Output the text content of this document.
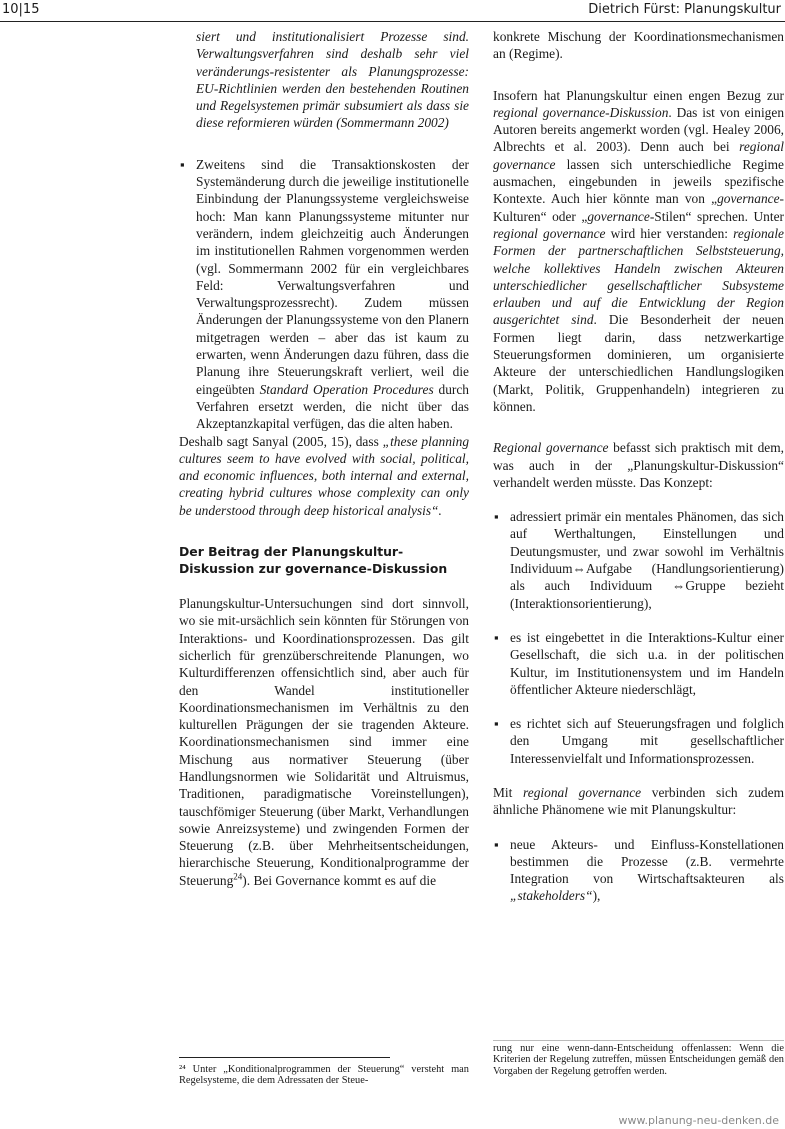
10|15	Dietrich Fürst: Planungskultur

siert und institutionalisiert Prozesse sind. Verwaltungsverfahren sind deshalb sehr viel veränderungs-resistenter als Planungsprozesse: EU-Richtlinien werden den bestehenden Routinen und Regelsystemen primär subsumiert als dass sie diese reformieren würden (Sommermann 2002)

▪ Zweitens sind die Transaktionskosten der Systemänderung durch die jeweilige institutionelle Einbindung der Planungssysteme vergleichsweise hoch: Man kann Planungssysteme mitunter nur verändern, indem gleichzeitig auch Änderungen im institutionellen Rahmen vorgenommen werden (vgl. Sommermann 2002 für ein vergleichbares Feld: Verwaltungsverfahren und Verwaltungsprozessrecht). Zudem müssen Änderungen der Planungssysteme von den Planern mitgetragen werden – aber das ist kaum zu erwarten, wenn Änderungen dazu führen, dass die Planung ihre Steuerungskraft verliert, weil die eingeübten Standard Operation Procedures durch Verfahren ersetzt werden, die nicht über das Akzeptanzkapital verfügen, das die alten haben.

Deshalb sagt Sanyal (2005, 15), dass „these planning cultures seem to have evolved with social, political, and economic influences, both internal and external, creating hybrid cultures whose complexity can only be understood through deep historical analysis“.

Der Beitrag der Planungskultur-Diskussion zur governance-Diskussion

Planungskultur-Untersuchungen sind dort sinnvoll, wo sie mit-ursächlich sein könnten für Störungen von Interaktions- und Koordinationsprozessen. Das gilt sicherlich für grenzüberschreitende Planungen, wo Kulturdifferenzen offensichtlich sind, aber auch für den Wandel institutioneller Koordinationsmechanismen im Verhältnis zu den kulturellen Prägungen der sie tragenden Akteure. Koordinationsmechanismen sind immer eine Mischung aus normativer Steuerung (über Handlungsnormen wie Solidarität und Altruismus, Traditionen, paradigmatische Voreinstellungen), tauschfömiger Steuerung (über Markt, Verhandlungen sowie Anreizsysteme) und zwingenden Formen der Steuerung (z.B. über Mehrheitsentscheidungen, hierarchische Steuerung, Konditionalprogramme der Steuerung$^{24}$). Bei Governance kommt es auf die

²⁴ Unter „Konditionalprogrammen der Steuerung“ versteht man Regelsysteme, die dem Adressaten der Steue-

konkrete Mischung der Koordinationsmechanismen an (Regime).

Insofern hat Planungskultur einen engen Bezug zur regional governance-Diskussion. Das ist von einigen Autoren bereits angemerkt worden (vgl. Healey 2006, Albrechts et al. 2003). Denn auch bei regional governance lassen sich unterschiedliche Regime ausmachen, eingebunden in jeweils spezifische Kontexte. Auch hier könnte man von „governance-Kulturen“ oder „governance-Stilen“ sprechen. Unter regional governance wird hier verstanden: regionale Formen der partnerschaftlichen Selbststeuerung, welche kollektives Handeln zwischen Akteuren unterschiedlicher gesellschaftlicher Subsysteme erlauben und auf die Entwicklung der Region ausgerichtet sind. Die Besonderheit der neuen Formen liegt darin, dass netzwerkartige Steuerungsformen dominieren, um organisierte Akteure der unterschiedlichen Handlungslogiken (Markt, Politik, Gruppenhandeln) integrieren zu können.

Regional governance befasst sich praktisch mit dem, was auch in der „Planungskultur-Diskussion“ verhandelt werden müsste. Das Konzept:

▪ adressiert primär ein mentales Phänomen, das sich auf Werthaltungen, Einstellungen und Deutungsmuster, und zwar sowohl im Verhältnis Individuum⇔Aufgabe (Handlungsorientierung) als auch Individuum ⇔Gruppe bezieht (Interaktionsorientierung),

▪ es ist eingebettet in die Interaktions-Kultur einer Gesellschaft, die sich u.a. in der politischen Kultur, im Institutionensystem und im Handeln öffentlicher Akteure niederschlägt,

▪ es richtet sich auf Steuerungsfragen und folglich den Umgang mit gesellschaftlicher Interessenvielfalt und Informationsprozessen.

Mit regional governance verbinden sich zudem ähnliche Phänomene wie mit Planungskultur:

▪ neue Akteurs- und Einfluss-Konstellationen bestimmen die Prozesse (z.B. vermehrte Integration von Wirtschaftsakteuren als „stakeholders“),

rung nur eine wenn-dann-Entscheidung offenlassen: Wenn die Kriterien der Regelung zutreffen, müssen Entscheidungen gemäß den Vorgaben der Regelung getroffen werden.

www.planung-neu-denken.de
